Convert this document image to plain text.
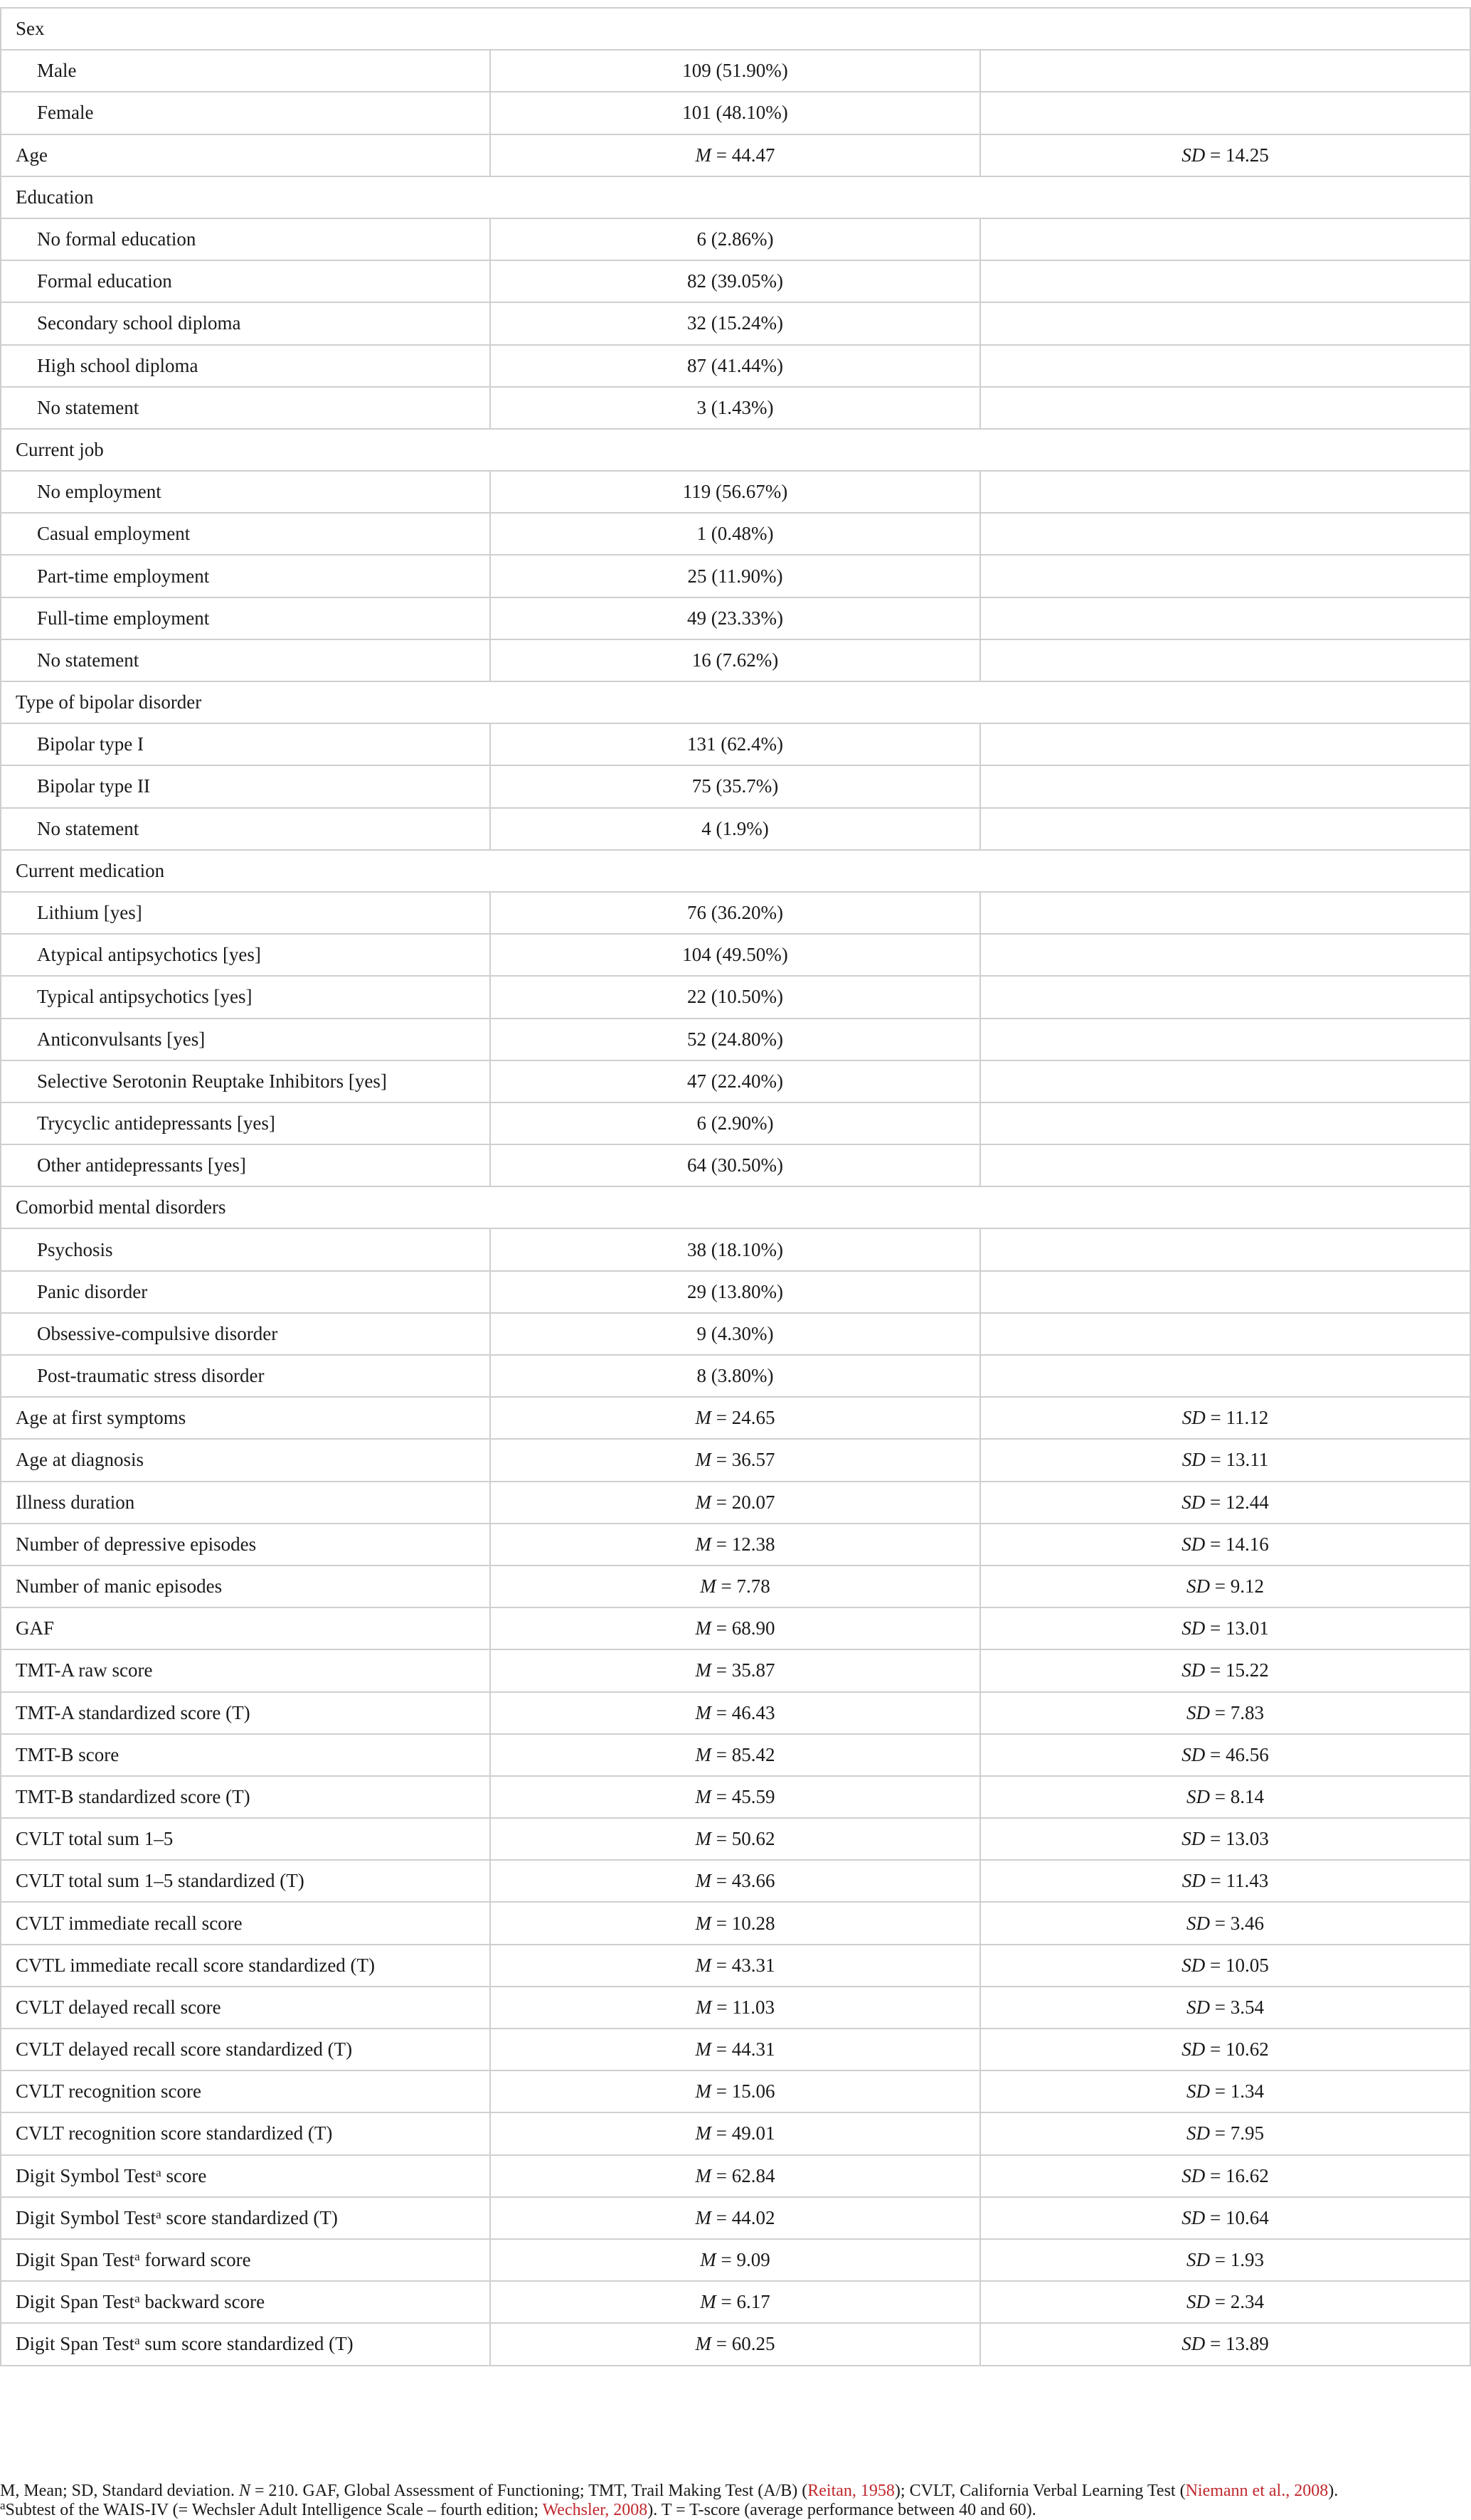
Sex		
Male	109 (51.90%)	
Female	101 (48.10%)	
Age	M = 44.47	SD = 14.25
Education		
No formal education	6 (2.86%)	
Formal education	82 (39.05%)	
Secondary school diploma	32 (15.24%)	
High school diploma	87 (41.44%)	
No statement	3 (1.43%)	
Current job		
No employment	119 (56.67%)	
Casual employment	1 (0.48%)	
Part-time employment	25 (11.90%)	
Full-time employment	49 (23.33%)	
No statement	16 (7.62%)	
Type of bipolar disorder		
Bipolar type I	131 (62.4%)	
Bipolar type II	75 (35.7%)	
No statement	4 (1.9%)	
Current medication		
Lithium [yes]	76 (36.20%)	
Atypical antipsychotics [yes]	104 (49.50%)	
Typical antipsychotics [yes]	22 (10.50%)	
Anticonvulsants [yes]	52 (24.80%)	
Selective Serotonin Reuptake Inhibitors [yes]	47 (22.40%)	
Trycyclic antidepressants [yes]	6 (2.90%)	
Other antidepressants [yes]	64 (30.50%)	
Comorbid mental disorders		
Psychosis	38 (18.10%)	
Panic disorder	29 (13.80%)	
Obsessive-compulsive disorder	9 (4.30%)	
Post-traumatic stress disorder	8 (3.80%)	
Age at first symptoms	M = 24.65	SD = 11.12
Age at diagnosis	M = 36.57	SD = 13.11
Illness duration	M = 20.07	SD = 12.44
Number of depressive episodes	M = 12.38	SD = 14.16
Number of manic episodes	M = 7.78	SD = 9.12
GAF	M = 68.90	SD = 13.01
TMT-A raw score	M = 35.87	SD = 15.22
TMT-A standardized score (T)	M = 46.43	SD = 7.83
TMT-B score	M = 85.42	SD = 46.56
TMT-B standardized score (T)	M = 45.59	SD = 8.14
CVLT total sum 1–5	M = 50.62	SD = 13.03
CVLT total sum 1–5 standardized (T)	M = 43.66	SD = 11.43
CVLT immediate recall score	M = 10.28	SD = 3.46
CVTL immediate recall score standardized (T)	M = 43.31	SD = 10.05
CVLT delayed recall score	M = 11.03	SD = 3.54
CVLT delayed recall score standardized (T)	M = 44.31	SD = 10.62
CVLT recognition score	M = 15.06	SD = 1.34
CVLT recognition score standardized (T)	M = 49.01	SD = 7.95
Digit Symbol Test$^a$ score	M = 62.84	SD = 16.62
Digit Symbol Test$^a$ score standardized (T)	M = 44.02	SD = 10.64
Digit Span Test$^a$ forward score	M = 9.09	SD = 1.93
Digit Span Test$^a$ backward score	M = 6.17	SD = 2.34
Digit Span Test$^a$ sum score standardized (T)	M = 60.25	SD = 13.89
M, Mean; SD, Standard deviation. N = 210. GAF, Global Assessment of Functioning; TMT, Trail Making Test (A/B) (Reitan, 1958); CVLT, California Verbal Learning Test (Niemann et al., 2008).
$^a$Subtest of the WAIS-IV (= Wechsler Adult Intelligence Scale – fourth edition; Wechsler, 2008). T = T-score (average performance between 40 and 60).
